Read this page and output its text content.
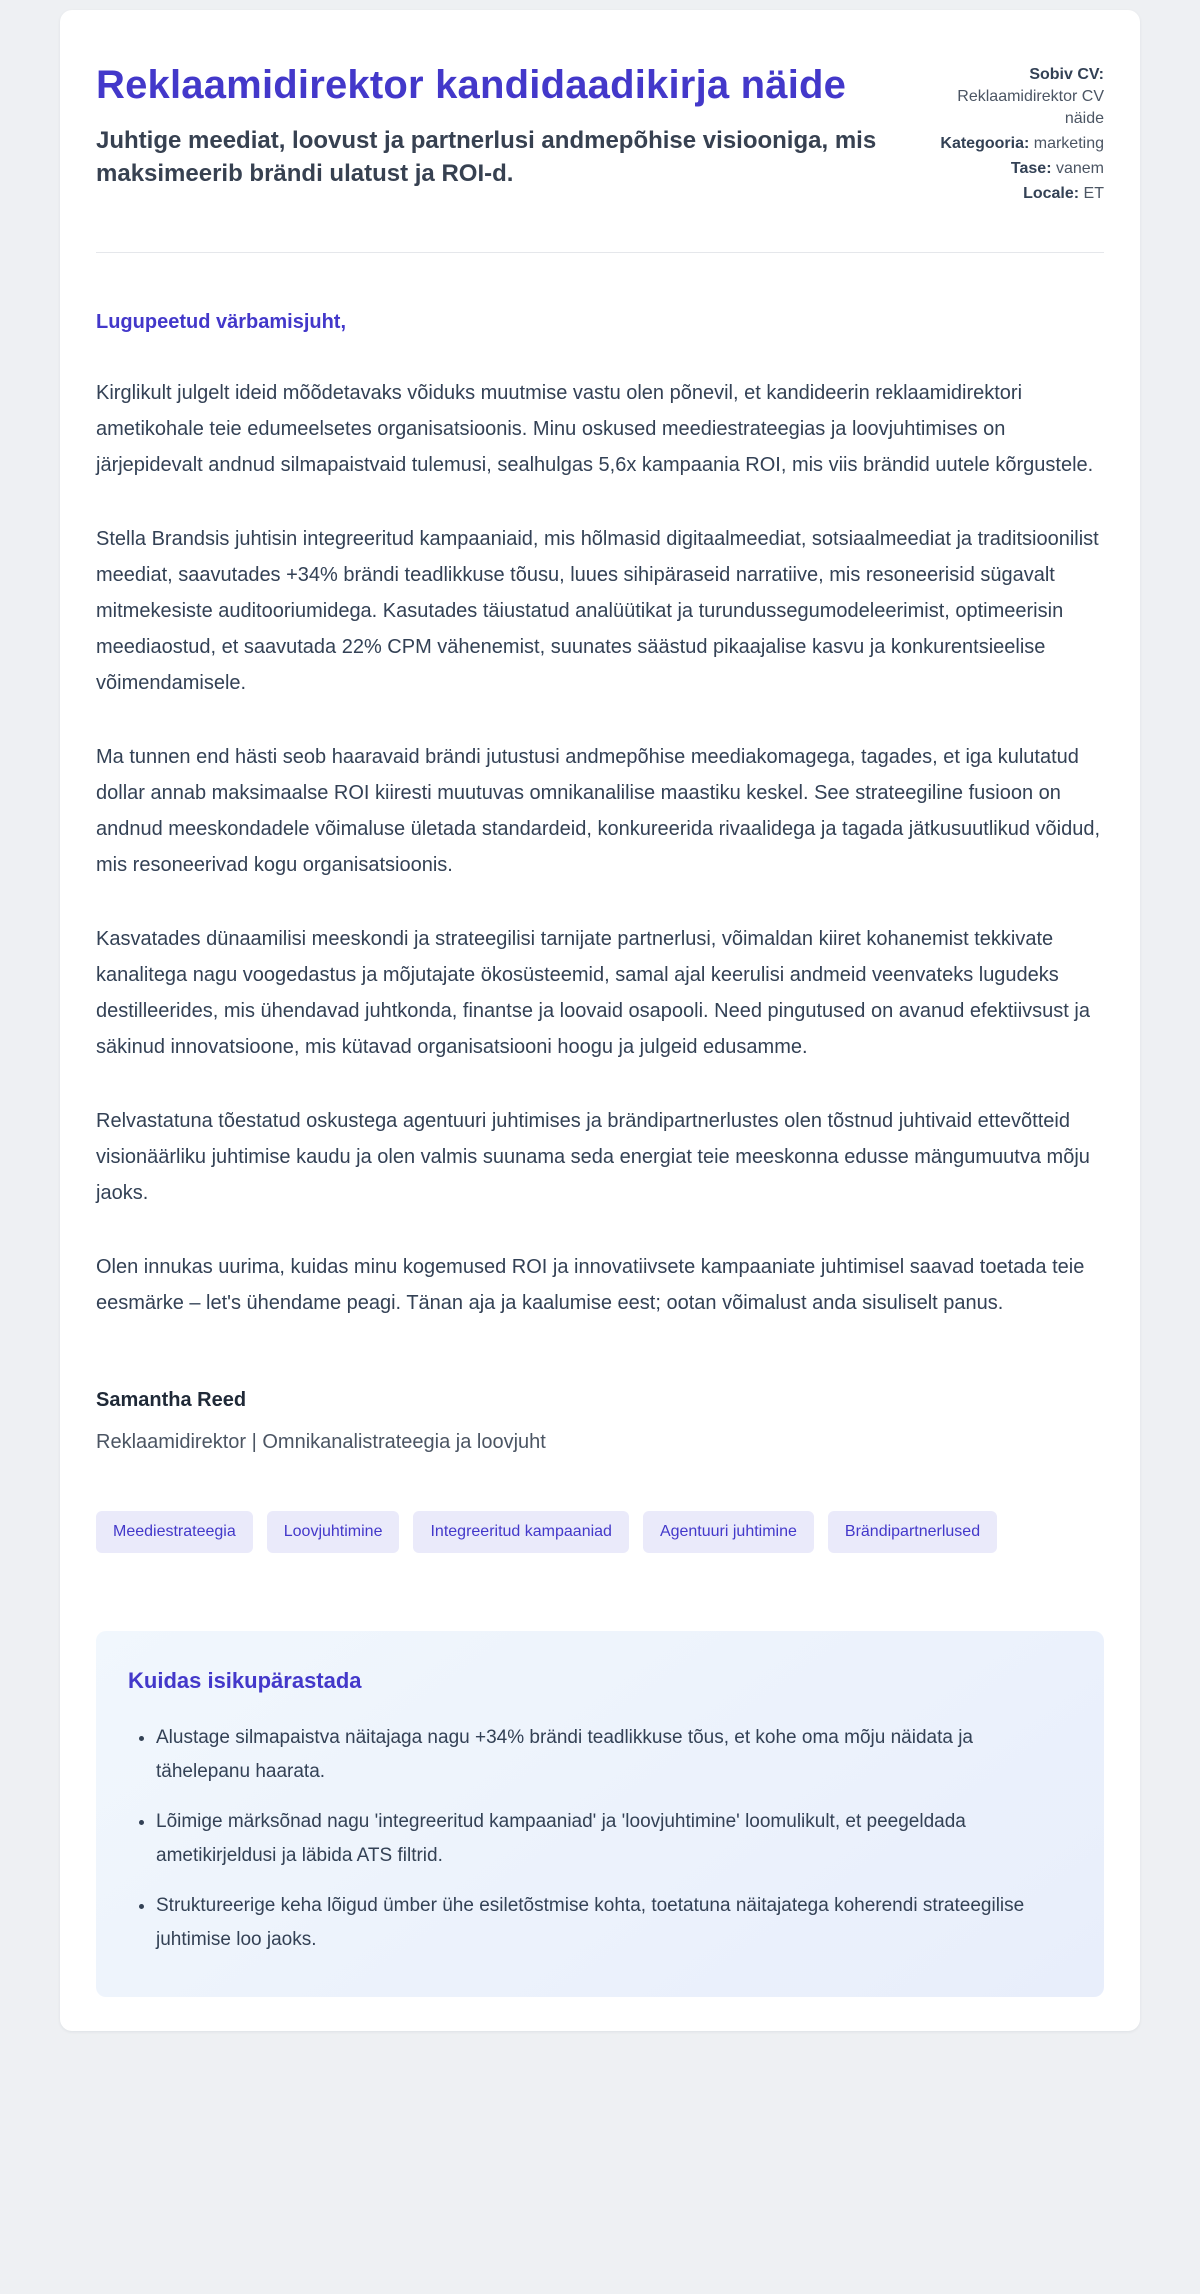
Reklaamidirektor kandidaadikirja näide
Juhtige meediat, loovust ja partnerlusi andmepõhise visiooniga, mis maksimeerib brändi ulatust ja ROI-d.
Sobiv CV: Reklaamidirektor CV näide
Kategooria: marketing
Tase: vanem
Locale: ET

Lugupeetud värbamisjuht,

Kirglikult julgelt ideid mõõdetavaks võiduks muutmise vastu olen põnevil, et kandideerin reklaamidirektori ametikohale teie edumeelsetes organisatsioonis. Minu oskused meediestrateegias ja loovjuhtimises on järjepidevalt andnud silmapaistvaid tulemusi, sealhulgas 5,6x kampaania ROI, mis viis brändid uutele kõrgustele.

Stella Brandsis juhtisin integreeritud kampaaniaid, mis hõlmasid digitaalmeediat, sotsiaalmeediat ja traditsioonilist meediat, saavutades +34% brändi teadlikkuse tõusu, luues sihipäraseid narratiive, mis resoneerisid sügavalt mitmekesiste auditooriumidega. Kasutades täiustatud analüütikat ja turundussegumodeleerimist, optimeerisin meediaostud, et saavutada 22% CPM vähenemist, suunates säästud pikaajalise kasvu ja konkurentsieelise võimendamisele.

Ma tunnen end hästi seob haaravaid brändi jutustusi andmepõhise meediakomagega, tagades, et iga kulutatud dollar annab maksimaalse ROI kiiresti muutuvas omnikanalilise maastiku keskel. See strateegiline fusioon on andnud meeskondadele võimaluse ületada standardeid, konkureerida rivaalidega ja tagada jätkusuutlikud võidud, mis resoneerivad kogu organisatsioonis.

Kasvatades dünaamilisi meeskondi ja strateegilisi tarnijate partnerlusi, võimaldan kiiret kohanemist tekkivate kanalitega nagu voogedastus ja mõjutajate ökosüsteemid, samal ajal keerulisi andmeid veenvateks lugudeks destilleerides, mis ühendavad juhtkonda, finantse ja loovaid osapooli. Need pingutused on avanud efektiivsust ja säkinud innovatsioone, mis kütavad organisatsiooni hoogu ja julgeid edusamme.

Relvastatuna tõestatud oskustega agentuuri juhtimises ja brändipartnerlustes olen tõstnud juhtivaid ettevõtteid visionäärliku juhtimise kaudu ja olen valmis suunama seda energiat teie meeskonna edusse mängumuutva mõju jaoks.

Olen innukas uurima, kuidas minu kogemused ROI ja innovatiivsete kampaaniate juhtimisel saavad toetada teie eesmärke – let's ühendame peagi. Tänan aja ja kaalumise eest; ootan võimalust anda sisuliselt panus.

Samantha Reed

Reklaamidirektor | Omnikanalistrateegia ja loovjuht

Meediestrateegia	Loovjuhtimine	Integreeritud kampaaniad	Agentuuri juhtimine	Brändipartnerlused
Kuidas isikupärastada
• Alustage silmapaistva näitajaga nagu +34% brändi teadlikkuse tõus, et kohe oma mõju näidata ja tähelepanu haarata.
• Lõimige märksõnad nagu 'integreeritud kampaaniad' ja 'loovjuhtimine' loomulikult, et peegeldada ametikirjeldusi ja läbida ATS filtrid.
• Struktureerige keha lõigud ümber ühe esiletõstmise kohta, toetatuna näitajatega koherendi strateegilise juhtimise loo jaoks.
